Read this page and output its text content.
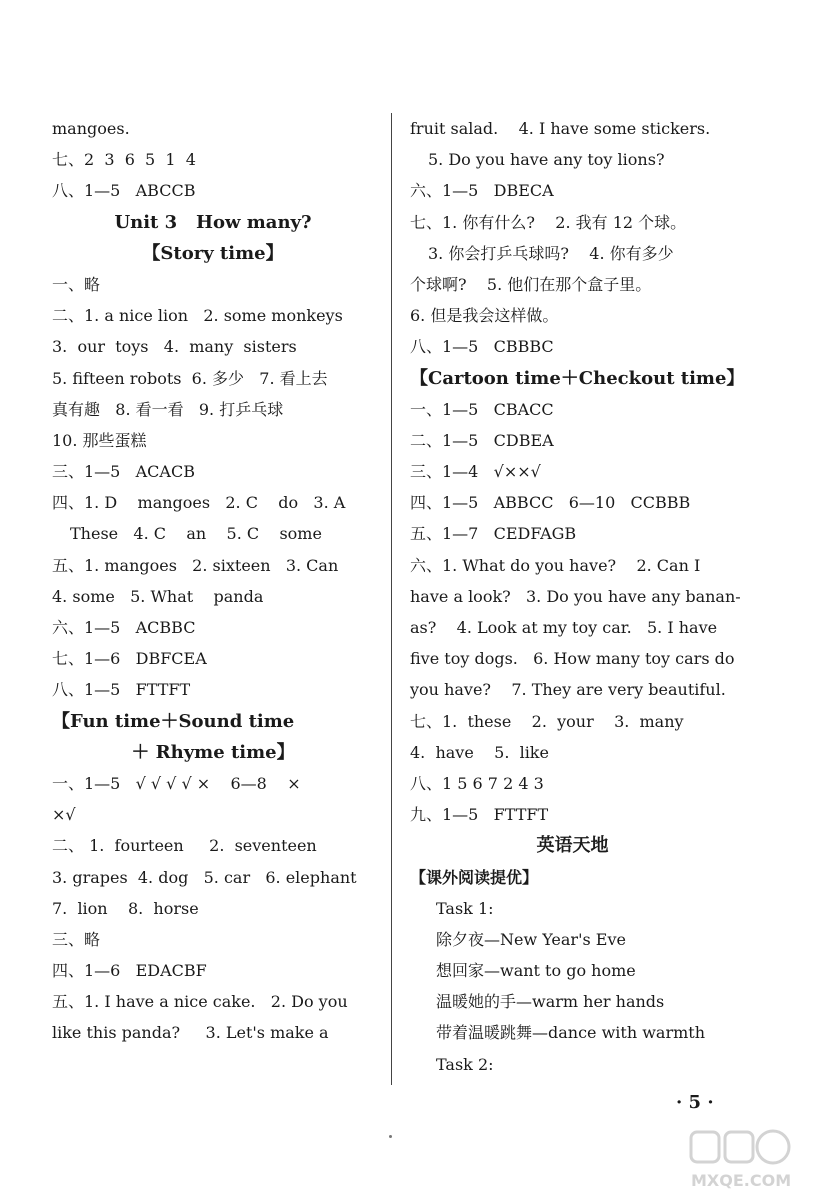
mangoes.
七、2  3  6  5  1  4
八、1—5   ABCCB
Unit 3   How many?
【Story time】
一、略
二、1. a nice lion   2. some monkeys
3.  our  toys   4.  many  sisters
5. fifteen robots  6. 多少   7. 看上去
真有趣   8. 看一看   9. 打乒乓球
10. 那些蛋糕
三、1—5   ACACB
四、1. D    mangoes   2. C    do   3. A
These   4. C    an    5. C    some
五、1. mangoes   2. sixteen   3. Can
4. some   5. What    panda
六、1—5   ACBBC
七、1—6   DBFCEA
八、1—5   FTTFT
【Fun time＋Sound time
＋ Rhyme time】
一、1—5   √ √ √ √ ×    6—8    ×
×√
二、 1.  fourteen     2.  seventeen
3. grapes  4. dog   5. car   6. elephant
7.  lion    8.  horse
三、略
四、1—6   EDACBF
五、1. I have a nice cake.   2. Do you
like this panda?     3. Let's make a
fruit salad.    4. I have some stickers.
5. Do you have any toy lions?
六、1—5   DBECA
七、1. 你有什么?    2. 我有 12 个球。
3. 你会打乒乓球吗?    4. 你有多少
个球啊?    5. 他们在那个盒子里。
6. 但是我会这样做。
八、1—5   CBBBC
【Cartoon time＋Checkout time】
一、1—5   CBACC
二、1—5   CDBEA
三、1—4   √××√
四、1—5   ABBCC   6—10   CCBBB
五、1—7   CEDFAGB
六、1. What do you have?    2. Can I
have a look?   3. Do you have any banan-
as?    4. Look at my toy car.   5. I have
five toy dogs.   6. How many toy cars do
you have?    7. They are very beautiful.
七、1.  these    2.  your    3.  many
4.  have    5.  like
八、1 5 6 7 2 4 3
九、1—5   FTTFT
英语天地
【课外阅读提优】
Task 1:
除夕夜—New Year's Eve
想回家—want to go home
温暖她的手—warm her hands
带着温暖跳舞—dance with warmth
Task 2:
· 5 ·
MXQE.COM
